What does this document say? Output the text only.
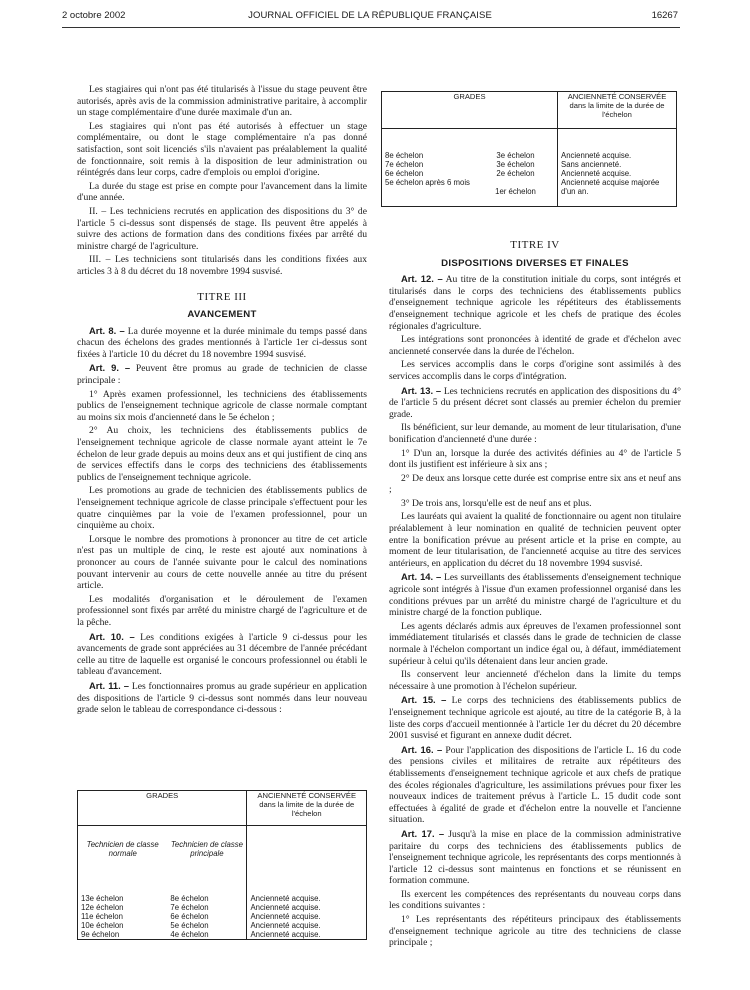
2 octobre 2002	JOURNAL OFFICIEL DE LA RÉPUBLIQUE FRANÇAISE	16267

Les stagiaires qui n'ont pas été titularisés à l'issue du stage peuvent être autorisés, après avis de la commission administrative paritaire, à accomplir un stage complémentaire d'une durée maximale d'un an.

Les stagiaires qui n'ont pas été autorisés à effectuer un stage complémentaire, ou dont le stage complémentaire n'a pas donné satisfaction, sont soit licenciés s'ils n'avaient pas préalablement la qualité de fonctionnaire, soit remis à la disposition de leur administration ou réintégrés dans leur corps, cadre d'emplois ou emploi d'origine.

La durée du stage est prise en compte pour l'avancement dans la limite d'une année.

II. – Les techniciens recrutés en application des dispositions du 3° de l'article 5 ci-dessus sont dispensés de stage. Ils peuvent être appelés à suivre des actions de formation dans des conditions fixées par arrêté du ministre chargé de l'agriculture.

III. – Les techniciens sont titularisés dans les conditions fixées aux articles 3 à 8 du décret du 18 novembre 1994 susvisé.

TITRE III
AVANCEMENT

Art. 8. – La durée moyenne et la durée minimale du temps passé dans chacun des échelons des grades mentionnés à l'article 1er ci-dessus sont fixées à l'article 10 du décret du 18 novembre 1994 susvisé.

Art. 9. – Peuvent être promus au grade de technicien de classe principale :

1° Après examen professionnel, les techniciens des établissements publics de l'enseignement technique agricole de classe normale comptant au moins six mois d'ancienneté dans le 5e échelon ;

2° Au choix, les techniciens des établissements publics de l'enseignement technique agricole de classe normale ayant atteint le 7e échelon de leur grade depuis au moins deux ans et qui justifient de cinq ans de services effectifs dans le corps des techniciens des établissements publics de l'enseignement technique agricole.

Les promotions au grade de technicien des établissements publics de l'enseignement technique agricole de classe principale s'effectuent pour les quatre cinquièmes par la voie de l'examen professionnel, pour un cinquième au choix.

Lorsque le nombre des promotions à prononcer au titre de cet article n'est pas un multiple de cinq, le reste est ajouté aux nominations à prononcer au cours de l'année suivante pour le calcul des nominations pouvant intervenir au cours de cette nouvelle année au titre du présent article.

Les modalités d'organisation et le déroulement de l'examen professionnel sont fixés par arrêté du ministre chargé de l'agriculture et de la pêche.

Art. 10. – Les conditions exigées à l'article 9 ci-dessus pour les avancements de grade sont appréciées au 31 décembre de l'année précédant celle au titre de laquelle est organisé le concours professionnel ou établi le tableau d'avancement.

Art. 11. – Les fonctionnaires promus au grade supérieur en application des dispositions de l'article 9 ci-dessus sont nommés dans leur nouveau grade selon le tableau de correspondance ci-dessous :

GRADES		ANCIENNETÉ CONSERVÉE dans la limite de la durée de l'échelon
Technicien de classe normale	Technicien de classe principale	
13e échelon	8e échelon	Ancienneté acquise.
12e échelon	7e échelon	Ancienneté acquise.
11e échelon	6e échelon	Ancienneté acquise.
10e échelon	5e échelon	Ancienneté acquise.
9e échelon	4e échelon	Ancienneté acquise.
GRADES		ANCIENNETÉ CONSERVÉE dans la limite de la durée de l'échelon

8e échelon	3e échelon	Ancienneté acquise.
7e échelon	3e échelon	Sans ancienneté.
6e échelon	2e échelon	Ancienneté acquise.
5e échelon après 6 mois	1er échelon	Ancienneté acquise majorée d'un an.

TITRE IV
DISPOSITIONS DIVERSES ET FINALES

Art. 12. – Au titre de la constitution initiale du corps, sont intégrés et titularisés dans le corps des techniciens des établissements publics d'enseignement technique agricole les répétiteurs des établissements d'enseignement technique agricole et les chefs de pratique des écoles régionales d'agriculture.

Les intégrations sont prononcées à identité de grade et d'échelon avec ancienneté conservée dans la durée de l'échelon.

Les services accomplis dans le corps d'origine sont assimilés à des services accomplis dans le corps d'intégration.

Art. 13. – Les techniciens recrutés en application des dispositions du 4° de l'article 5 du présent décret sont classés au premier échelon du premier grade.

Ils bénéficient, sur leur demande, au moment de leur titularisation, d'une bonification d'ancienneté d'une durée :

1° D'un an, lorsque la durée des activités définies au 4° de l'article 5 dont ils justifient est inférieure à six ans ;

2° De deux ans lorsque cette durée est comprise entre six ans et neuf ans ;

3° De trois ans, lorsqu'elle est de neuf ans et plus.

Les lauréats qui avaient la qualité de fonctionnaire ou agent non titulaire préalablement à leur nomination en qualité de technicien peuvent opter entre la bonification prévue au présent article et la prise en compte, au moment de leur titularisation, de l'ancienneté acquise au titre des services antérieurs, en application du décret du 18 novembre 1994 susvisé.

Art. 14. – Les surveillants des établissements d'enseignement technique agricole sont intégrés à l'issue d'un examen professionnel organisé dans les conditions prévues par un arrêté du ministre chargé de l'agriculture et du ministre chargé de la fonction publique.

Les agents déclarés admis aux épreuves de l'examen professionnel sont immédiatement titularisés et classés dans le grade de technicien de classe normale à l'échelon comportant un indice égal ou, à défaut, immédiatement supérieur à celui qu'ils détenaient dans leur ancien grade.

Ils conservent leur ancienneté d'échelon dans la limite du temps nécessaire à une promotion à l'échelon supérieur.

Art. 15. – Le corps des techniciens des établissements publics de l'enseignement technique agricole est ajouté, au titre de la catégorie B, à la liste des corps d'accueil mentionnée à l'article 1er du décret du 20 décembre 2001 susvisé et figurant en annexe dudit décret.

Art. 16. – Pour l'application des dispositions de l'article L. 16 du code des pensions civiles et militaires de retraite aux répétiteurs des établissements d'enseignement technique agricole et aux chefs de pratique des écoles régionales d'agriculture, les assimilations prévues pour fixer les nouveaux indices de traitement prévus à l'article L. 15 dudit code sont effectuées à égalité de grade et d'échelon entre la nouvelle et l'ancienne situation.

Art. 17. – Jusqu'à la mise en place de la commission administrative paritaire du corps des techniciens des établissements publics de l'enseignement technique agricole, les représentants des corps mentionnés à l'article 12 ci-dessus sont maintenus en fonctions et se réunissent en formation commune.

Ils exercent les compétences des représentants du nouveau corps dans les conditions suivantes :

1° Les représentants des répétiteurs principaux des établissements d'enseignement technique agricole au titre des techniciens de classe principale ;
